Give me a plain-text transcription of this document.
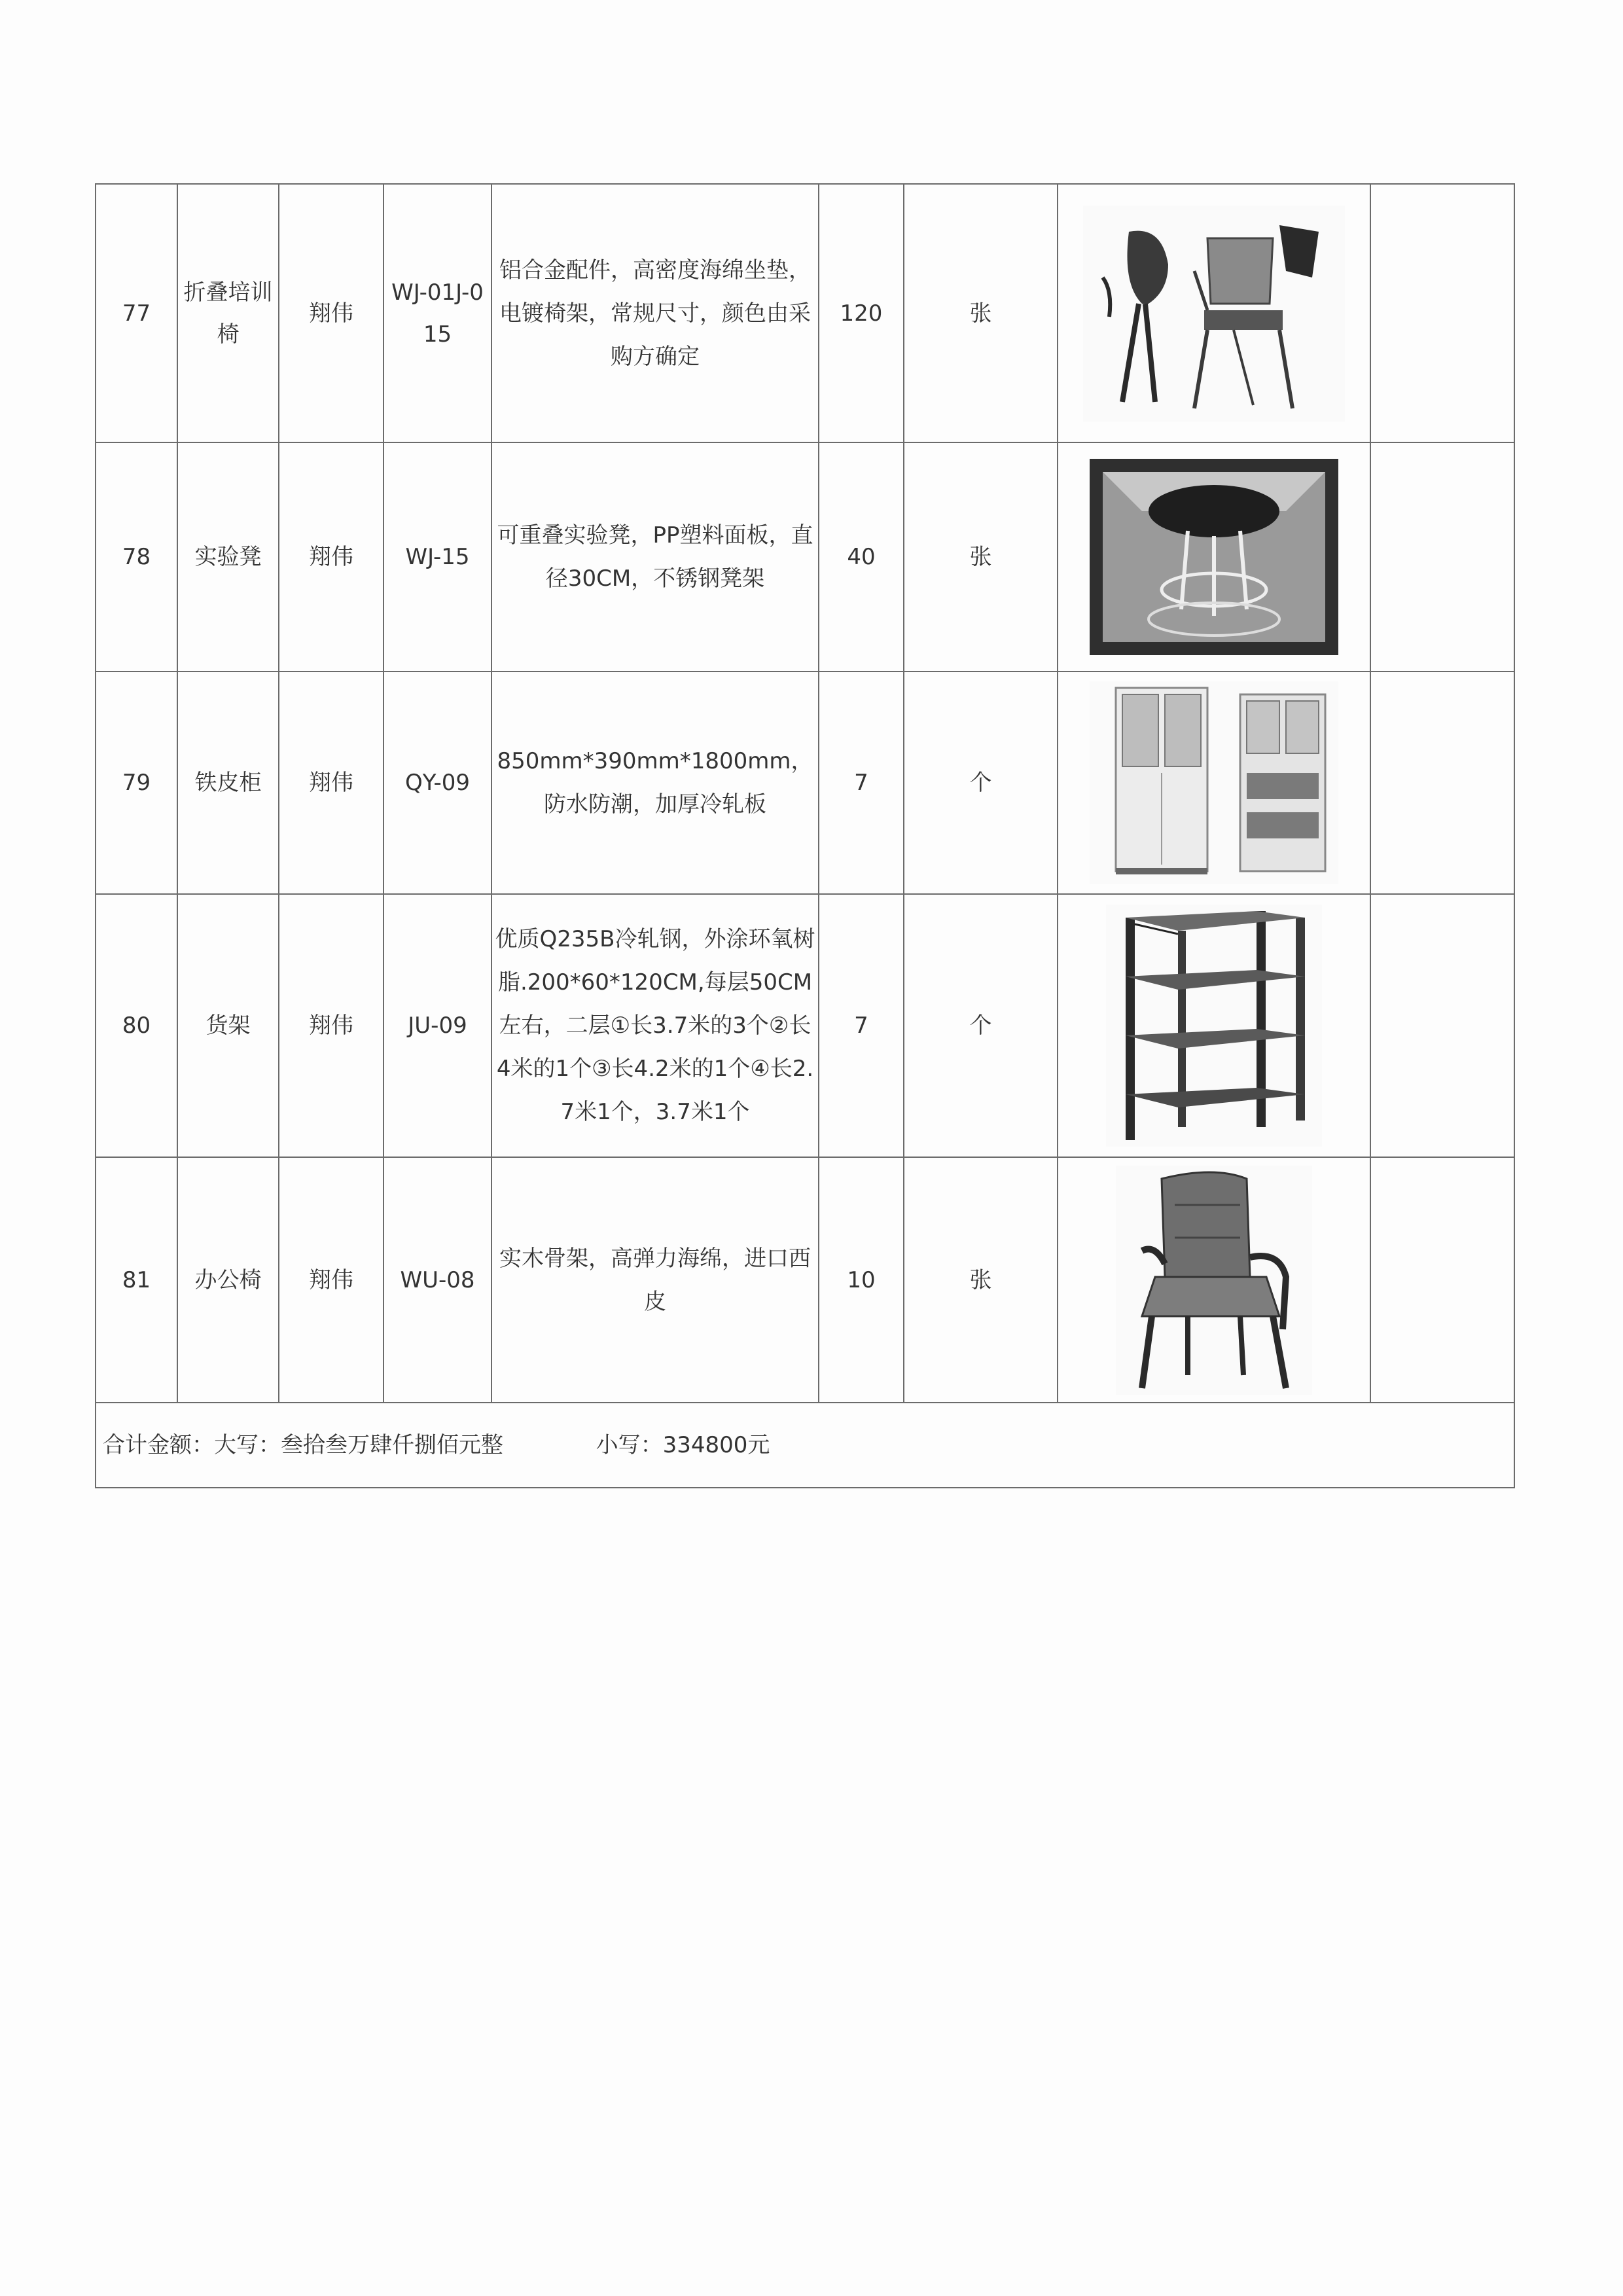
77	折叠培训椅	翔伟	WJ-01J-015	铝合金配件，高密度海绵坐垫，电镀椅架，常规尺寸，颜色由采购方确定	120	张	

78	实验凳	翔伟	WJ-15	可重叠实验凳，PP塑料面板，直径30CM，不锈钢凳架	40	张	

79	铁皮柜	翔伟	QY-09	850mm*390mm*1800mm，防水防潮，加厚冷轧板	7	个	

80	货架	翔伟	JU-09	优质Q235B冷轧钢，外涂环氧树脂.200*60*120CM,每层50CM左右，二层①长3.7米的3个②长4米的1个③长4.2米的1个④长2.7米1个，3.7米1个	7	个	

81	办公椅	翔伟	WU-08	实木骨架，高弹力海绵，进口西皮	10	张	

合计金额：大写：叁拾叁万肆仟捌佰元整 小写：334800元								
